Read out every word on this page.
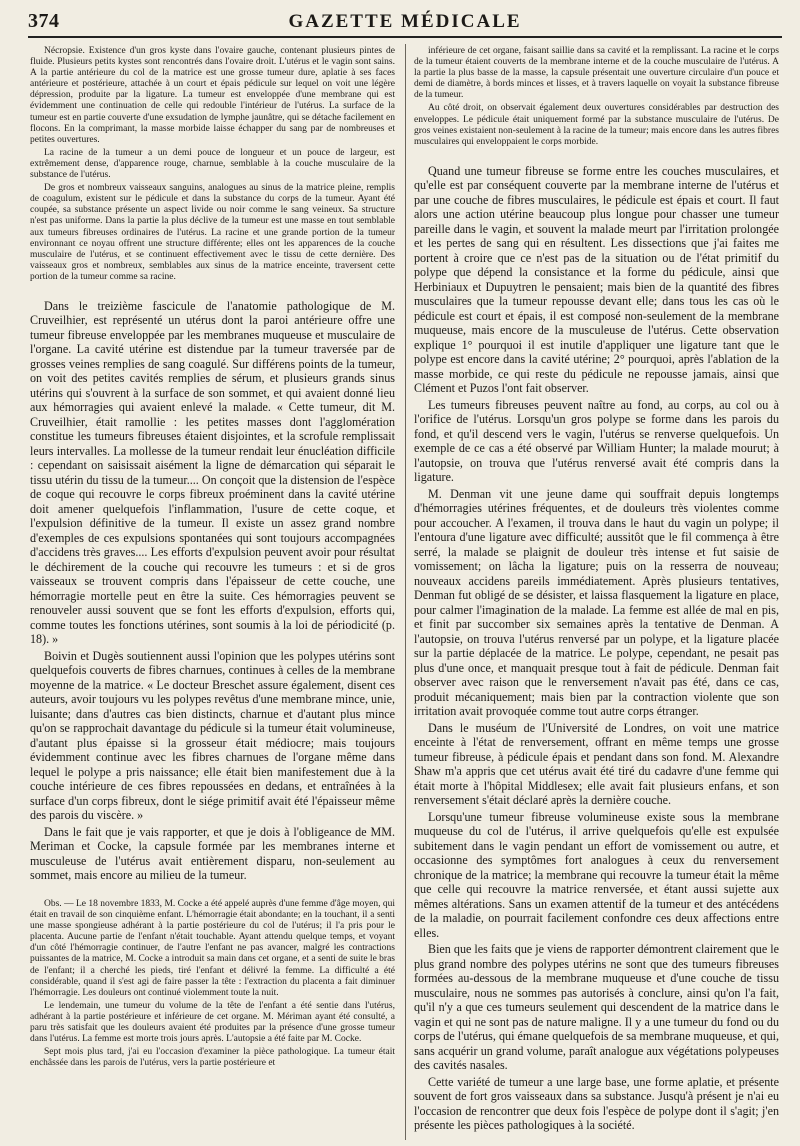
374	GAZETTE MÉDICALE

Nécropsie. Existence d'un gros kyste dans l'ovaire gauche, contenant plusieurs pintes de fluide. Plusieurs petits kystes sont rencontrés dans l'ovaire droit. L'utérus et le vagin sont sains. A la partie antérieure du col de la matrice est une grosse tumeur dure, aplatie à ses faces antérieure et postérieure, attachée à un court et épais pédicule sur lequel on voit une légère dépression, produite par la ligature. La tumeur est enveloppée d'une membrane qui est évidemment une continuation de celle qui redouble l'intérieur de l'utérus. La surface de la tumeur est en partie couverte d'une exsudation de lymphe jaunâtre, qui se détache facilement en flocons. En la comprimant, la masse morbide laisse échapper du sang par de nombreuses et petites ouvertures.

La racine de la tumeur a un demi pouce de longueur et un pouce de largeur, est extrêmement dense, d'apparence rouge, charnue, semblable à la couche musculaire de la substance de l'utérus.

De gros et nombreux vaisseaux sanguins, analogues au sinus de la matrice pleine, remplis de coagulum, existent sur le pédicule et dans la substance du corps de la tumeur. Ayant été coupée, sa substance présente un aspect livide ou noir comme le sang veineux. Sa structure n'est pas uniforme. Dans la partie la plus déclive de la tumeur est une masse en tout semblable aux tumeurs fibreuses ordinaires de l'utérus. La racine et une grande portion de la tumeur environnant ce noyau offrent une structure différente; elles ont les apparences de la couche musculaire de l'utérus, et se continuent effectivement avec le tissu de cette dernière. Des vaisseaux gros et nombreux, semblables aux sinus de la matrice enceinte, traversent cette portion de la tumeur comme sa racine.

Dans le treizième fascicule de l'anatomie pathologique de M. Cruveilhier, est représenté un utérus dont la paroi antérieure offre une tumeur fibreuse enveloppée par les membranes muqueuse et musculaire de l'organe. La cavité utérine est distendue par la tumeur traversée par de grosses veines remplies de sang coagulé. Sur différens points de la tumeur, on voit des petites cavités remplies de sérum, et plusieurs grands sinus utérins qui s'ouvrent à la surface de son sommet, et qui avaient donné lieu aux hémorragies qui avaient enlevé la malade. « Cette tumeur, dit M. Cruveilhier, était ramollie : les petites masses dont l'agglomération constitue les tumeurs fibreuses étaient disjointes, et la scrofule remplissait leurs intervalles. La mollesse de la tumeur rendait leur énucléation difficile : cependant on saisissait aisément la ligne de démarcation qui séparait le tissu utérin du tissu de la tumeur.... On conçoit que la distension de l'espèce de coque qui recouvre le corps fibreux proéminent dans la cavité utérine doit amener quelquefois l'inflammation, l'usure de cette coque, et l'expulsion définitive de la tumeur. Il existe un assez grand nombre d'exemples de ces expulsions spontanées qui sont toujours accompagnées d'accidens très graves.... Les efforts d'expulsion peuvent avoir pour résultat le déchirement de la couche qui recouvre les tumeurs : et si de gros vaisseaux se trouvent compris dans l'épaisseur de cette couche, une hémorragie mortelle peut en être la suite. Ces hémorragies peuvent se renouveler aussi souvent que se font les efforts d'expulsion, efforts qui, comme toutes les fonctions utérines, sont soumis à la loi de périodicité (p. 18). »

Boivin et Dugès soutiennent aussi l'opinion que les polypes utérins sont quelquefois couverts de fibres charnues, continues à celles de la membrane moyenne de la matrice. « Le docteur Breschet assure également, disent ces auteurs, avoir toujours vu les polypes revêtus d'une membrane mince, unie, luisante; dans d'autres cas bien distincts, charnue et d'autant plus mince qu'on se rapprochait davantage du pédicule si la tumeur était volumineuse, d'autant plus épaisse si la grosseur était médiocre; mais toujours évidemment continue avec les fibres charnues de l'organe même dans lequel le polype a pris naissance; elle était bien manifestement due à la couche intérieure de ces fibres repoussées en dedans, et entraînées à la surface d'un corps fibreux, dont le siége primitif avait été l'épaisseur même des parois du viscère. »

Dans le fait que je vais rapporter, et que je dois à l'obligeance de MM. Meriman et Cocke, la capsule formée par les membranes interne et musculeuse de l'utérus avait entièrement disparu, non-seulement au sommet, mais encore au milieu de la tumeur.

Obs. — Le 18 novembre 1833, M. Cocke a été appelé auprès d'une femme d'âge moyen, qui était en travail de son cinquième enfant. L'hémorragie était abondante; en la touchant, il a senti une masse spongieuse adhérant à la partie postérieure du col de l'utérus; il l'a pris pour le placenta. Aucune partie de l'enfant n'était touchable. Ayant attendu quelque temps, et voyant d'un côté l'hémorragie continuer, de l'autre l'enfant ne pas avancer, malgré les contractions puissantes de la matrice, M. Cocke a introduit sa main dans cet organe, et a senti de suite le bras de l'enfant; il a cherché les pieds, tiré l'enfant et délivré la femme. La difficulté a été considérable, quand il s'est agi de faire passer la tête : l'extraction du placenta a fait diminuer l'hémorragie. Les douleurs ont continué violemment toute la nuit.

Le lendemain, une tumeur du volume de la tête de l'enfant a été sentie dans l'utérus, adhérant à la partie postérieure et inférieure de cet organe. M. Mériman ayant été consulté, a paru très satisfait que les douleurs avaient été produites par la présence d'une grosse tumeur dans l'utérus. La femme est morte trois jours après. L'autopsie a été faite par M. Cocke.

Sept mois plus tard, j'ai eu l'occasion d'examiner la pièce pathologique. La tumeur était enchâssée dans les parois de l'utérus, vers la partie postérieure et

inférieure de cet organe, faisant saillie dans sa cavité et la remplissant. La racine et le corps de la tumeur étaient couverts de la membrane interne et de la couche musculaire de l'utérus. A la partie la plus basse de la masse, la capsule présentait une ouverture circulaire d'un pouce et demi de diamètre, à bords minces et lisses, et à travers laquelle on voyait la substance fibreuse de la tumeur.

Au côté droit, on observait également deux ouvertures considérables par destruction des enveloppes. Le pédicule était uniquement formé par la substance musculaire de l'utérus. De gros veines existaient non-seulement à la racine de la tumeur; mais encore dans les autres fibres musculaires qui enveloppaient le corps morbide.

Quand une tumeur fibreuse se forme entre les couches musculaires, et qu'elle est par conséquent couverte par la membrane interne de l'utérus et par une couche de fibres musculaires, le pédicule est épais et court. Il faut alors une action utérine beaucoup plus longue pour chasser une tumeur pareille dans le vagin, et souvent la malade meurt par l'irritation prolongée et les pertes de sang qui en résultent. Les dissections que j'ai faites me portent à croire que ce n'est pas de la situation ou de l'état primitif du polype que dépend la consistance et la forme du pédicule, ainsi que Herbiniaux et Dupuytren le pensaient; mais bien de la quantité des fibres musculaires que la tumeur repousse devant elle; dans tous les cas où le pédicule est court et épais, il est composé non-seulement de la membrane muqueuse, mais encore de la musculeuse de l'utérus. Cette observation explique 1° pourquoi il est inutile d'appliquer une ligature tant que le polype est encore dans la cavité utérine; 2° pourquoi, après l'ablation de la masse morbide, ce qui reste du pédicule ne repousse jamais, ainsi que Clément et Puzos l'ont fait observer.

Les tumeurs fibreuses peuvent naître au fond, au corps, au col ou à l'orifice de l'utérus. Lorsqu'un gros polype se forme dans les parois du fond, et qu'il descend vers le vagin, l'utérus se renverse quelquefois. Un exemple de ce cas a été observé par William Hunter; la malade mourut; à l'autopsie, on trouva que l'utérus renversé avait été compris dans la ligature.

M. Denman vit une jeune dame qui souffrait depuis longtemps d'hémorragies utérines fréquentes, et de douleurs très violentes comme pour accoucher. A l'examen, il trouva dans le haut du vagin un polype; il l'entoura d'une ligature avec difficulté; aussitôt que le fil commença à être serré, la malade se plaignit de douleur très intense et fut saisie de vomissement; on lâcha la ligature; puis on la resserra de nouveau; nouveaux accidens pareils immédiatement. Après plusieurs tentatives, Denman fut obligé de se désister, et laissa flasquement la ligature en place, pour calmer l'imagination de la malade. La femme est allée de mal en pis, et finit par succomber six semaines après la tentative de Denman. A l'autopsie, on trouva l'utérus renversé par un polype, et la ligature placée sur la partie déplacée de la matrice. Le polype, cependant, ne pesait pas plus d'une once, et manquait presque tout à fait de pédicule. Denman fait observer avec raison que le renversement n'avait pas été, dans ce cas, produit mécaniquement; mais bien par la contraction violente que son irritation avait provoquée comme tout autre corps étranger.

Dans le muséum de l'Université de Londres, on voit une matrice enceinte à l'état de renversement, offrant en même temps une grosse tumeur fibreuse, à pédicule épais et pendant dans son fond. M. Alexandre Shaw m'a appris que cet utérus avait été tiré du cadavre d'une femme qui était morte à l'hôpital Middlesex; elle avait fait plusieurs enfans, et son renversement s'était déclaré après la dernière couche.

Lorsqu'une tumeur fibreuse volumineuse existe sous la membrane muqueuse du col de l'utérus, il arrive quelquefois qu'elle est expulsée subitement dans le vagin pendant un effort de vomissement ou autre, et occasionne des symptômes fort analogues à ceux du renversement chronique de la matrice; la membrane qui recouvre la tumeur était la même que celle qui recouvre la matrice renversée, et étant aussi sujette aux mêmes altérations. Sans un examen attentif de la tumeur et des antécédens de la maladie, on pourrait facilement confondre ces deux affections entre elles.

Bien que les faits que je viens de rapporter démontrent clairement que le plus grand nombre des polypes utérins ne sont que des tumeurs fibreuses formées au-dessous de la membrane muqueuse et d'une couche de tissu musculaire, nous ne sommes pas autorisés à conclure, ainsi qu'on l'a fait, qu'il n'y a que ces tumeurs seulement qui descendent de la matrice dans le vagin et qui ne sont pas de nature maligne. Il y a une tumeur du fond ou du corps de l'utérus, qui émane quelquefois de sa membrane muqueuse, et qui, sans acquérir un grand volume, paraît analogue aux végétations polypeuses des cavités nasales.

Cette variété de tumeur a une large base, une forme aplatie, et présente souvent de fort gros vaisseaux dans sa substance. Jusqu'à présent je n'ai eu l'occasion de rencontrer que deux fois l'espèce de polype dont il s'agit; j'en présente les pièces pathologiques à la société.
